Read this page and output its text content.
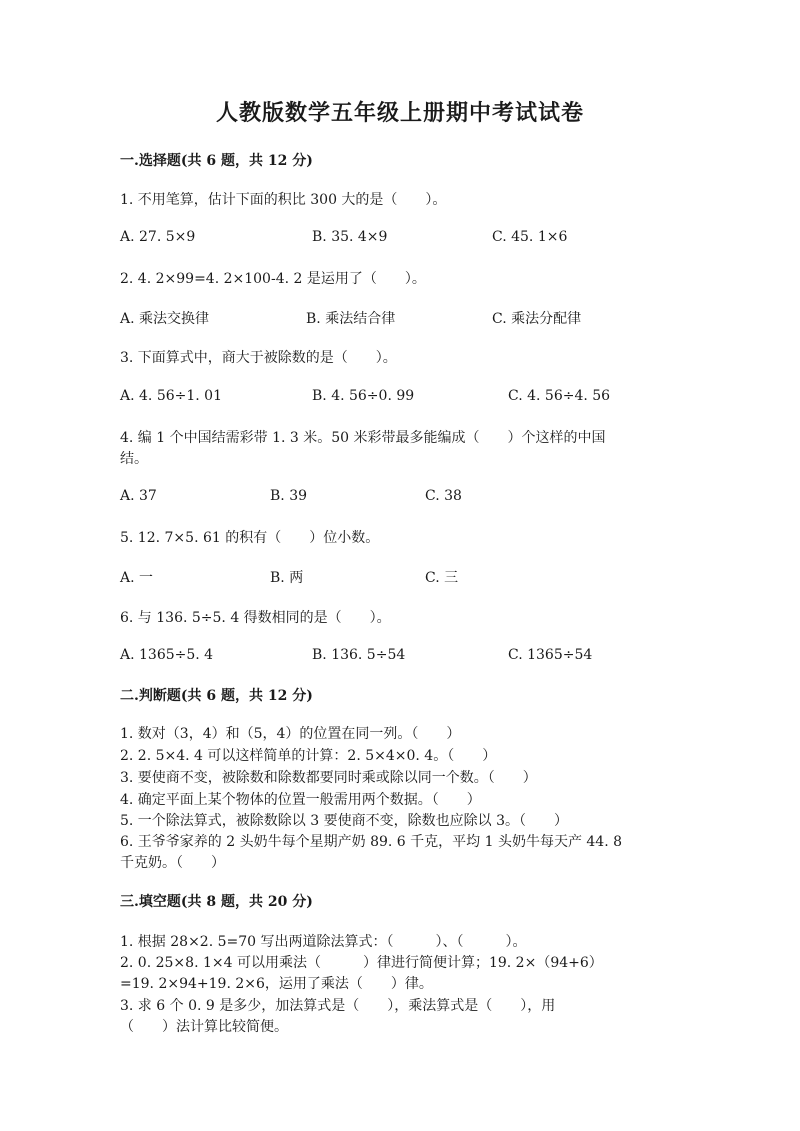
人教版数学五年级上册期中考试试卷
一.选择题(共 6 题，共 12 分)
1. 不用笔算，估计下面的积比 300 大的是（　　）。
A. 27. 5×9	B. 35. 4×9	C. 45. 1×6
2. 4. 2×99=4. 2×100-4. 2 是运用了（　　）。
A. 乘法交换律	B. 乘法结合律	C. 乘法分配律
3. 下面算式中，商大于被除数的是（　　）。
A. 4. 56÷1. 01	B. 4. 56÷0. 99	C. 4. 56÷4. 56
4. 编 1 个中国结需彩带 1. 3 米。50 米彩带最多能编成（　　）个这样的中国
结。
A. 37	B. 39	C. 38
5. 12. 7×5. 61 的积有（　　）位小数。
A. 一	B. 两	C. 三
6. 与 136. 5÷5. 4 得数相同的是（　　）。
A. 1365÷5. 4	B. 136. 5÷54	C. 1365÷54
二.判断题(共 6 题，共 12 分)
1. 数对（3，4）和（5，4）的位置在同一列。（　　）
2. 2. 5×4. 4 可以这样简单的计算：2. 5×4×0. 4。（　　）
3. 要使商不变，被除数和除数都要同时乘或除以同一个数。（　　）
4. 确定平面上某个物体的位置一般需用两个数据。（　　）
5. 一个除法算式，被除数除以 3 要使商不变，除数也应除以 3。（　　）
6. 王爷爷家养的 2 头奶牛每个星期产奶 89. 6 千克，平均 1 头奶牛每天产 44. 8
千克奶。（　　）
三.填空题(共 8 题，共 20 分)
1. 根据 28×2. 5=70 写出两道除法算式：（　　　）、（　　　）。
2. 0. 25×8. 1×4 可以用乘法（　　　）律进行简便计算；19. 2×（94+6）
=19. 2×94+19. 2×6，运用了乘法（　　）律。
3. 求 6 个 0. 9 是多少，加法算式是（　　），乘法算式是（　　），用
（　　）法计算比较简便。
